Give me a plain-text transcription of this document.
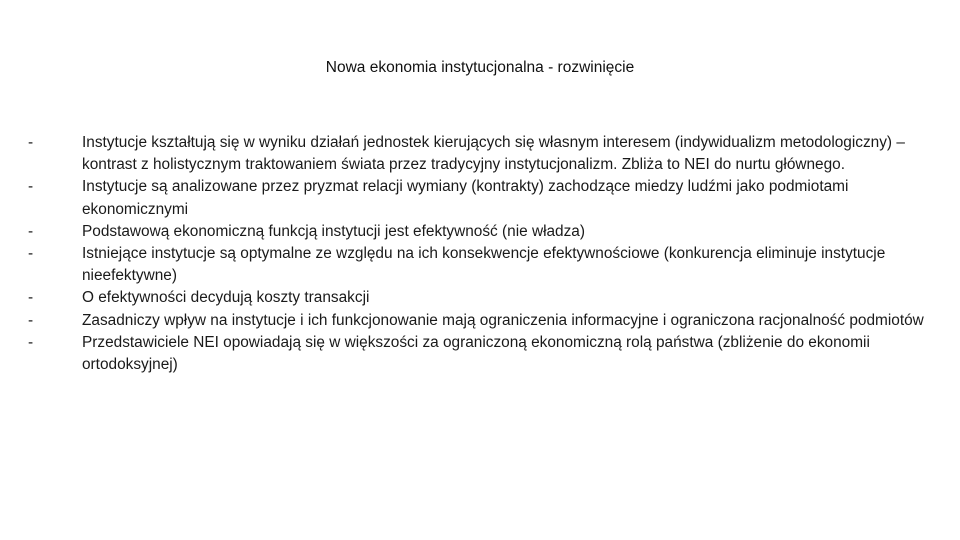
Nowa ekonomia instytucjonalna - rozwinięcie
-	Instytucje kształtują się w wyniku działań jednostek kierujących się własnym interesem (indywidualizm metodologiczny) – kontrast z holistycznym traktowaniem świata przez tradycyjny instytucjonalizm. Zbliża to NEI do nurtu głównego.
-	Instytucje są analizowane przez pryzmat relacji wymiany (kontrakty) zachodzące miedzy ludźmi jako podmiotami ekonomicznymi
-	Podstawową ekonomiczną funkcją instytucji jest efektywność (nie władza)
-	Istniejące instytucje są optymalne ze względu na ich konsekwencje efektywnościowe (konkurencja eliminuje instytucje nieefektywne)
-	O efektywności decydują koszty transakcji
-	Zasadniczy wpływ na instytucje i ich funkcjonowanie mają ograniczenia informacyjne i ograniczona racjonalność podmiotów
-	Przedstawiciele NEI opowiadają się w większości za ograniczoną ekonomiczną rolą państwa (zbliżenie do ekonomii ortodoksyjnej)
